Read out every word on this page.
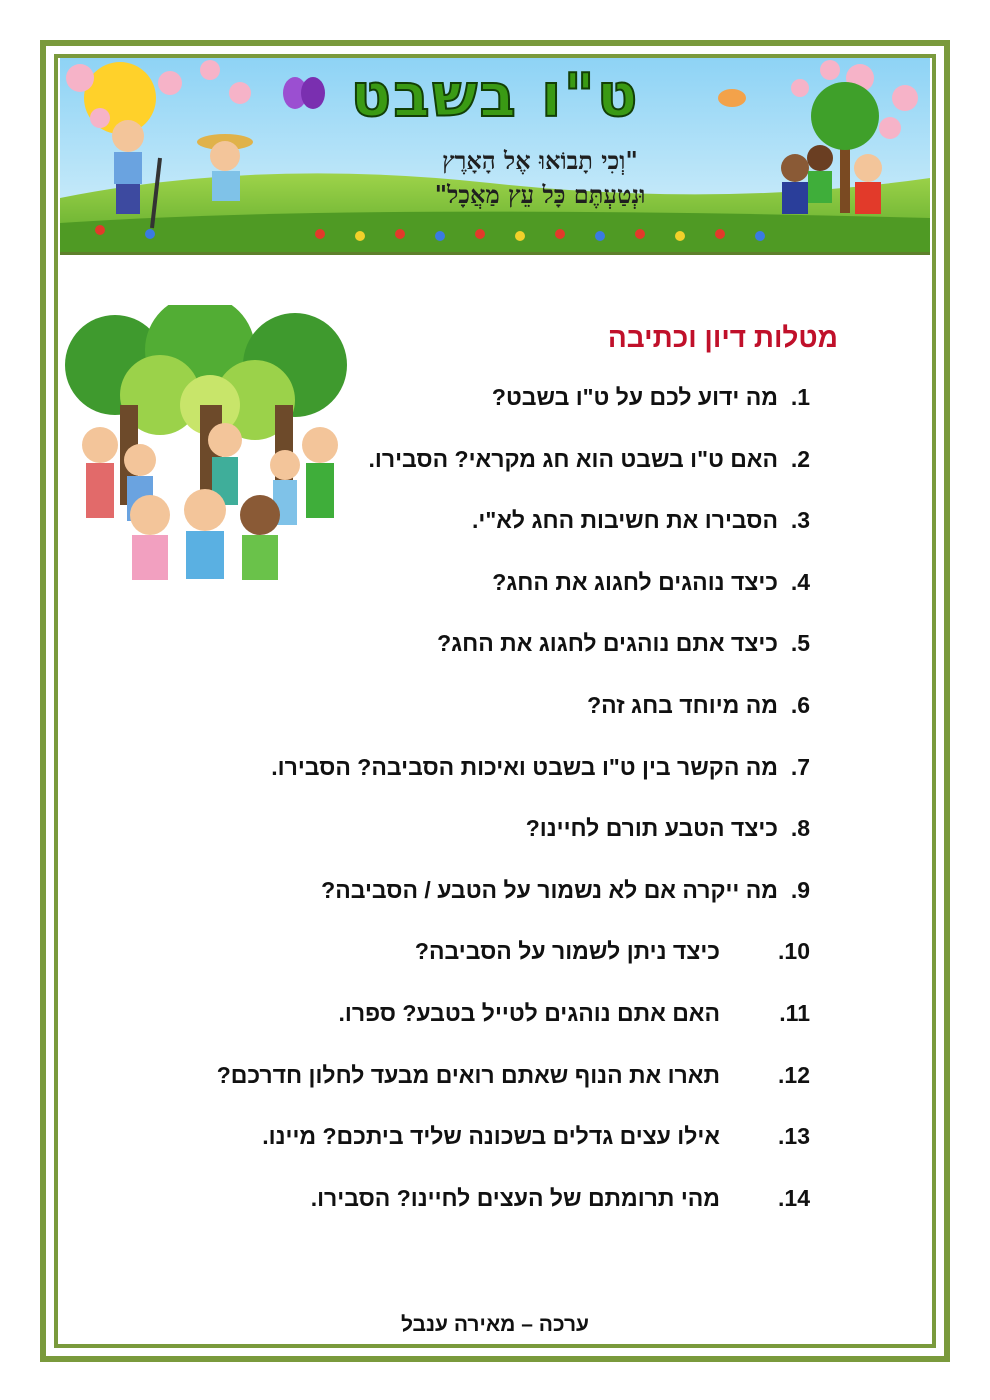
ט"ו בשבט
"וְכִי תָבוֹאוּ אֶל הָאָרֶץ
וּנְטַעְתֶּם כָּל עֵץ מַאֲכָל"
מטלות דיון וכתיבה
1.
מה ידוע לכם על ט"ו בשבט?
2.
האם ט"ו בשבט הוא חג מקראי? הסבירו.
3.
הסבירו את חשיבות החג לא"י.
4.
כיצד נוהגים לחגוג את החג?
5.
כיצד אתם נוהגים לחגוג את החג?
6.
מה מיוחד בחג זה?
7.
מה הקשר בין ט"ו בשבט ואיכות הסביבה? הסבירו.
8.
כיצד הטבע תורם לחיינו?
9.
מה ייקרה אם לא נשמור על הטבע / הסביבה?
10.
כיצד ניתן לשמור על הסביבה?
11.
האם אתם נוהגים לטייל בטבע? ספרו.
12.
תארו את הנוף שאתם רואים מבעד לחלון חדרכם?
13.
אילו עצים גדלים בשכונה שליד ביתכם? מיינו.
14.
מהי תרומתם של העצים לחיינו? הסבירו.
ערכה – מאירה ענבל
